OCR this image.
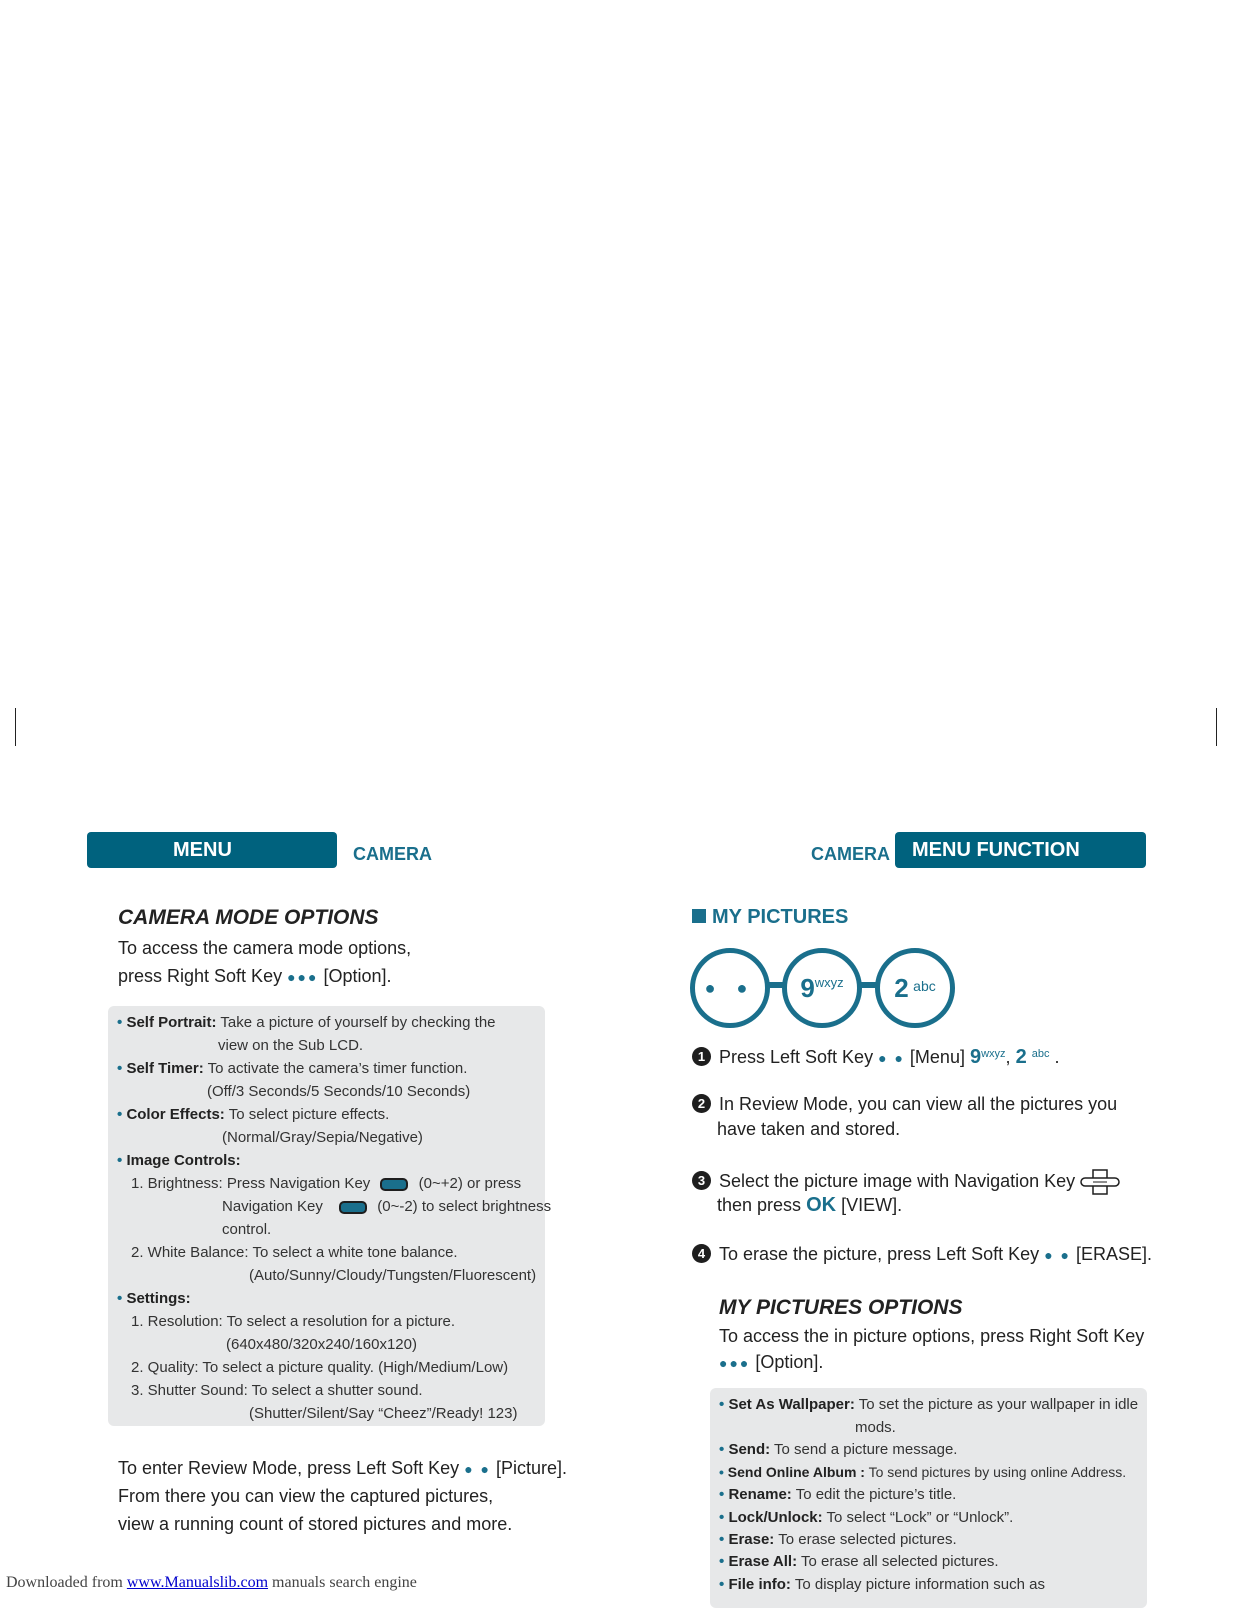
MENU FUNCTION
CAMERA
CAMERA MODE OPTIONS
To access the camera mode options,
press Right Soft Key ●●● [Option].
• Self Portrait: Take a picture of yourself by checking the
view on the Sub LCD.
• Self Timer: To activate the camera’s timer function.
(Off/3 Seconds/5 Seconds/10 Seconds)
• Color Effects: To select picture effects.
(Normal/Gray/Sepia/Negative)
• Image Controls:
1. Brightness: Press Navigation Key	(0~+2) or press
Navigation Key	(0~-2) to select brightness
control.
2. White Balance: To select a white tone balance.
(Auto/Sunny/Cloudy/Tungsten/Fluorescent)
• Settings:
1. Resolution: To select a resolution for a picture.
(640x480/320x240/160x120)
2. Quality: To select a picture quality. (High/Medium/Low)
3. Shutter Sound: To select a shutter sound.
(Shutter/Silent/Say “Cheez”/Ready! 123)
To enter Review Mode, press Left Soft Key ● ● [Picture].
From there you can view the captured pictures,
view a running count of stored pictures and more.
CAMERA MENU FUNCTION
MY PICTURES
● ●	$9^{wxyz}$	2 abc
1 Press Left Soft Key ● ● [Menu] $9^{wxyz}$, 2 $^{abc}$ .
2 In Review Mode, you can view all the pictures you
have taken and stored.
3 Select the picture image with Navigation Key
then press OK [VIEW].
4 To erase the picture, press Left Soft Key ● ● [ERASE].
MY PICTURES OPTIONS
To access the in picture options, press Right Soft Key
●●● [Option].
• Set As Wallpaper: To set the picture as your wallpaper in idle
mods.
• Send: To send a picture message.
• Send Online Album : To send pictures by using online Address.
• Rename: To edit the picture’s title.
• Lock/Unlock: To select “Lock” or “Unlock”.
• Erase: To erase selected pictures.
• Erase All: To erase all selected pictures.
• File info: To display picture information such as
Downloaded from www.Manualslib.com manuals search engine
